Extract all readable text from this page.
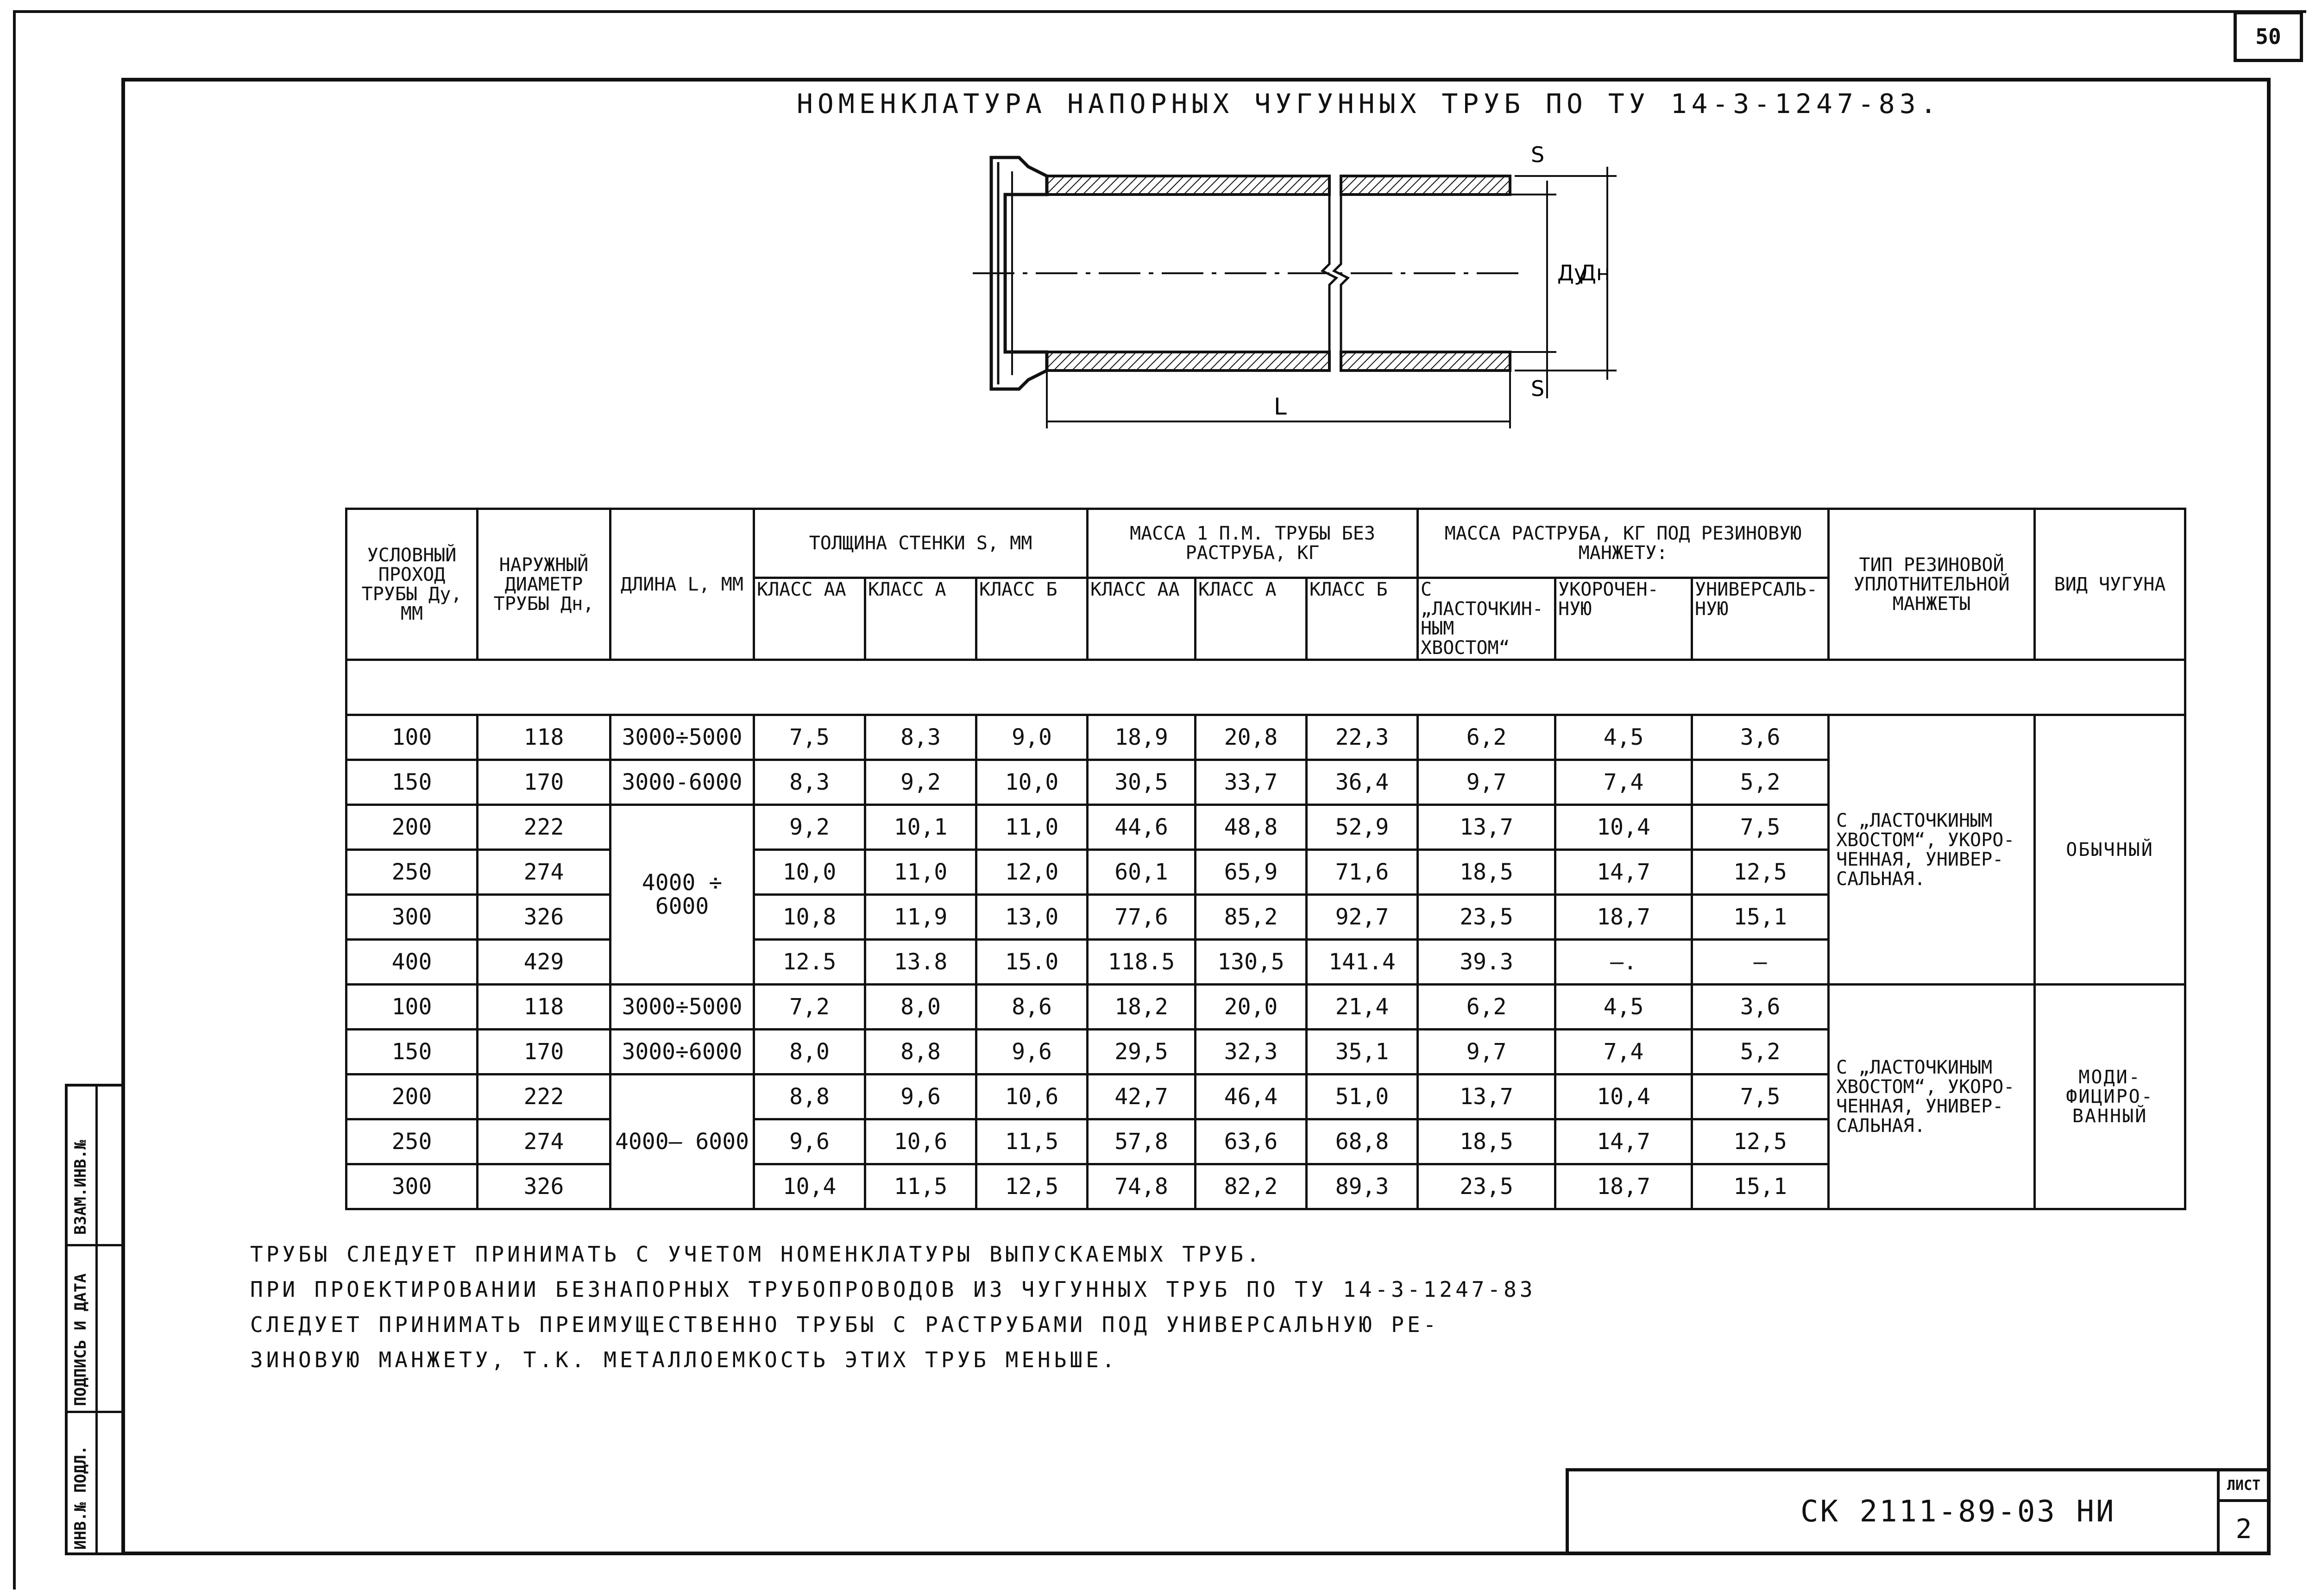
50
НОМЕНКЛАТУРА НАПОРНЫХ ЧУГУННЫХ ТРУБ ПО ТУ 14-3-1247-83.
S
S
Ду
Дн
L
УСЛОВНЫЙ ПРОХОД ТРУБЫ Ду, ММ	НАРУЖНЫЙ ДИАМЕТР ТРУБЫ Дн,	ДЛИНА L, ММ	ТОЛЩИНА СТЕНКИ S, ММ			МАССА 1 П.М. ТРУБЫ БЕЗ РАСТРУБА, КГ			МАССА РАСТРУБА, КГ ПОД РЕЗИНОВУЮ МАНЖЕТУ:			ТИП РЕЗИНОВОЙ УПЛОТНИТЕЛЬНОЙ МАНЖЕТЫ	ВИД ЧУГУНА
			КЛАСС АА	КЛАСС А	КЛАСС Б	КЛАСС АА	КЛАСС А	КЛАСС Б	С „ЛАСТОЧКИН- НЫМ ХВОСТОМ“	УКОРОЧЕН- НУЮ	УНИВЕРСАЛЬ- НУЮ		

100	118	3000÷5000	7,5	8,3	9,0	18,9	20,8	22,3	6,2	4,5	3,6	С „ЛАСТОЧКИНЫМ ХВОСТОМ“, УКОРО- ЧЕННАЯ, УНИВЕР- САЛЬНАЯ.	ОБЫЧНЫЙ
150	170	3000-6000	8,3	9,2	10,0	30,5	33,7	36,4	9,7	7,4	5,2		
200	222	4000 ÷ 6000	9,2	10,1	11,0	44,6	48,8	52,9	13,7	10,4	7,5		
250	274		10,0	11,0	12,0	60,1	65,9	71,6	18,5	14,7	12,5		
300	326		10,8	11,9	13,0	77,6	85,2	92,7	23,5	18,7	15,1		
400	429		12.5	13.8	15.0	118.5	130,5	141.4	39.3	—.	—		
100	118	3000÷5000	7,2	8,0	8,6	18,2	20,0	21,4	6,2	4,5	3,6	С „ЛАСТОЧКИНЫМ ХВОСТОМ“, УКОРО- ЧЕННАЯ, УНИВЕР- САЛЬНАЯ.	МОДИ- ФИЦИРО- ВАННЫЙ
150	170	3000÷6000	8,0	8,8	9,6	29,5	32,3	35,1	9,7	7,4	5,2		
200	222	4000— 6000	8,8	9,6	10,6	42,7	46,4	51,0	13,7	10,4	7,5		
250	274		9,6	10,6	11,5	57,8	63,6	68,8	18,5	14,7	12,5		
300	326		10,4	11,5	12,5	74,8	82,2	89,3	23,5	18,7	15,1		
ТРУБЫ СЛЕДУЕТ ПРИНИМАТЬ С УЧЕТОМ НОМЕНКЛАТУРЫ ВЫПУСКАЕМЫХ ТРУБ.
ПРИ ПРОЕКТИРОВАНИИ БЕЗНАПОРНЫХ ТРУБОПРОВОДОВ ИЗ ЧУГУННЫХ ТРУБ ПО ТУ 14-3-1247-83
СЛЕДУЕТ ПРИНИМАТЬ ПРЕИМУЩЕСТВЕННО ТРУБЫ С РАСТРУБАМИ ПОД УНИВЕРСАЛЬНУЮ РЕ-
ЗИНОВУЮ МАНЖЕТУ, Т.К. МЕТАЛЛОЕМКОСТЬ ЭТИХ ТРУБ МЕНЬШЕ.
ВЗАМ.ИНВ.№
ПОДПИСЬ И ДАТА
ИНВ.№ ПОДЛ.	СК 2111-89-03 НИ
ЛИСТ
2
